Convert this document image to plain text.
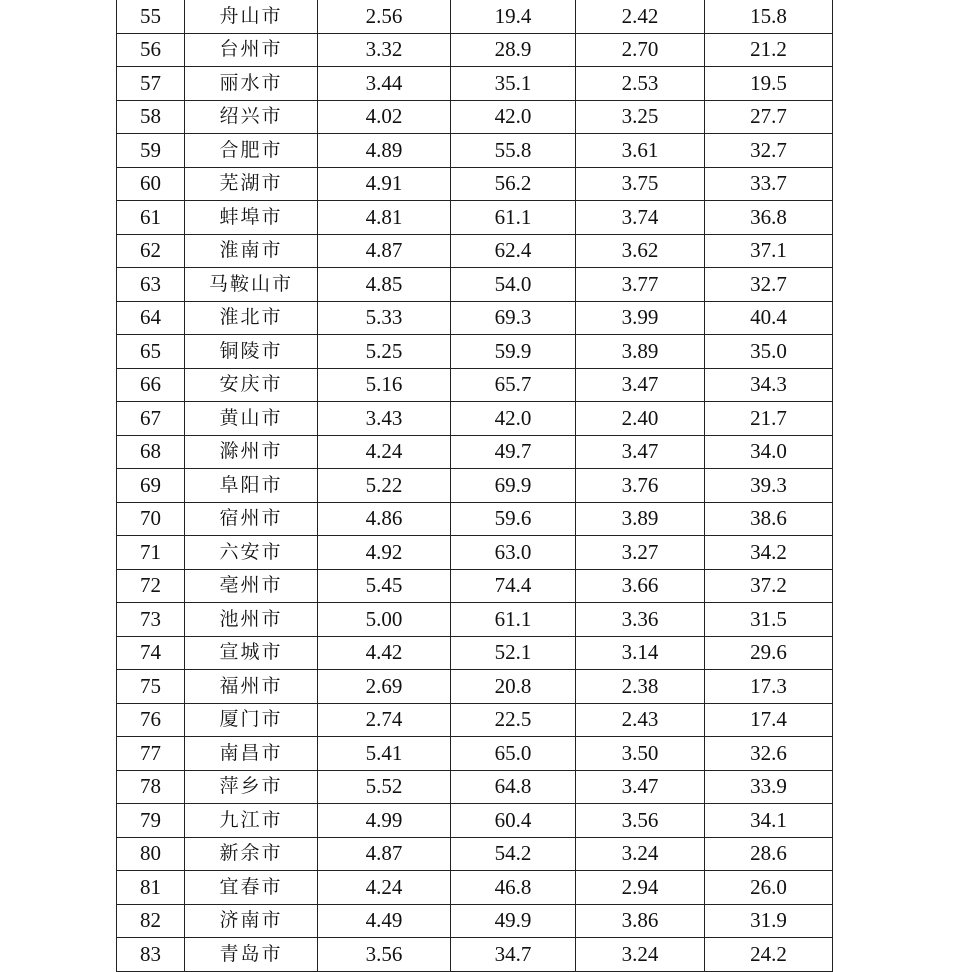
55	舟山市	2.56	19.4	2.42	15.8
56	台州市	3.32	28.9	2.70	21.2
57	丽水市	3.44	35.1	2.53	19.5
58	绍兴市	4.02	42.0	3.25	27.7
59	合肥市	4.89	55.8	3.61	32.7
60	芜湖市	4.91	56.2	3.75	33.7
61	蚌埠市	4.81	61.1	3.74	36.8
62	淮南市	4.87	62.4	3.62	37.1
63	马鞍山市	4.85	54.0	3.77	32.7
64	淮北市	5.33	69.3	3.99	40.4
65	铜陵市	5.25	59.9	3.89	35.0
66	安庆市	5.16	65.7	3.47	34.3
67	黄山市	3.43	42.0	2.40	21.7
68	滁州市	4.24	49.7	3.47	34.0
69	阜阳市	5.22	69.9	3.76	39.3
70	宿州市	4.86	59.6	3.89	38.6
71	六安市	4.92	63.0	3.27	34.2
72	亳州市	5.45	74.4	3.66	37.2
73	池州市	5.00	61.1	3.36	31.5
74	宣城市	4.42	52.1	3.14	29.6
75	福州市	2.69	20.8	2.38	17.3
76	厦门市	2.74	22.5	2.43	17.4
77	南昌市	5.41	65.0	3.50	32.6
78	萍乡市	5.52	64.8	3.47	33.9
79	九江市	4.99	60.4	3.56	34.1
80	新余市	4.87	54.2	3.24	28.6
81	宜春市	4.24	46.8	2.94	26.0
82	济南市	4.49	49.9	3.86	31.9
83	青岛市	3.56	34.7	3.24	24.2
